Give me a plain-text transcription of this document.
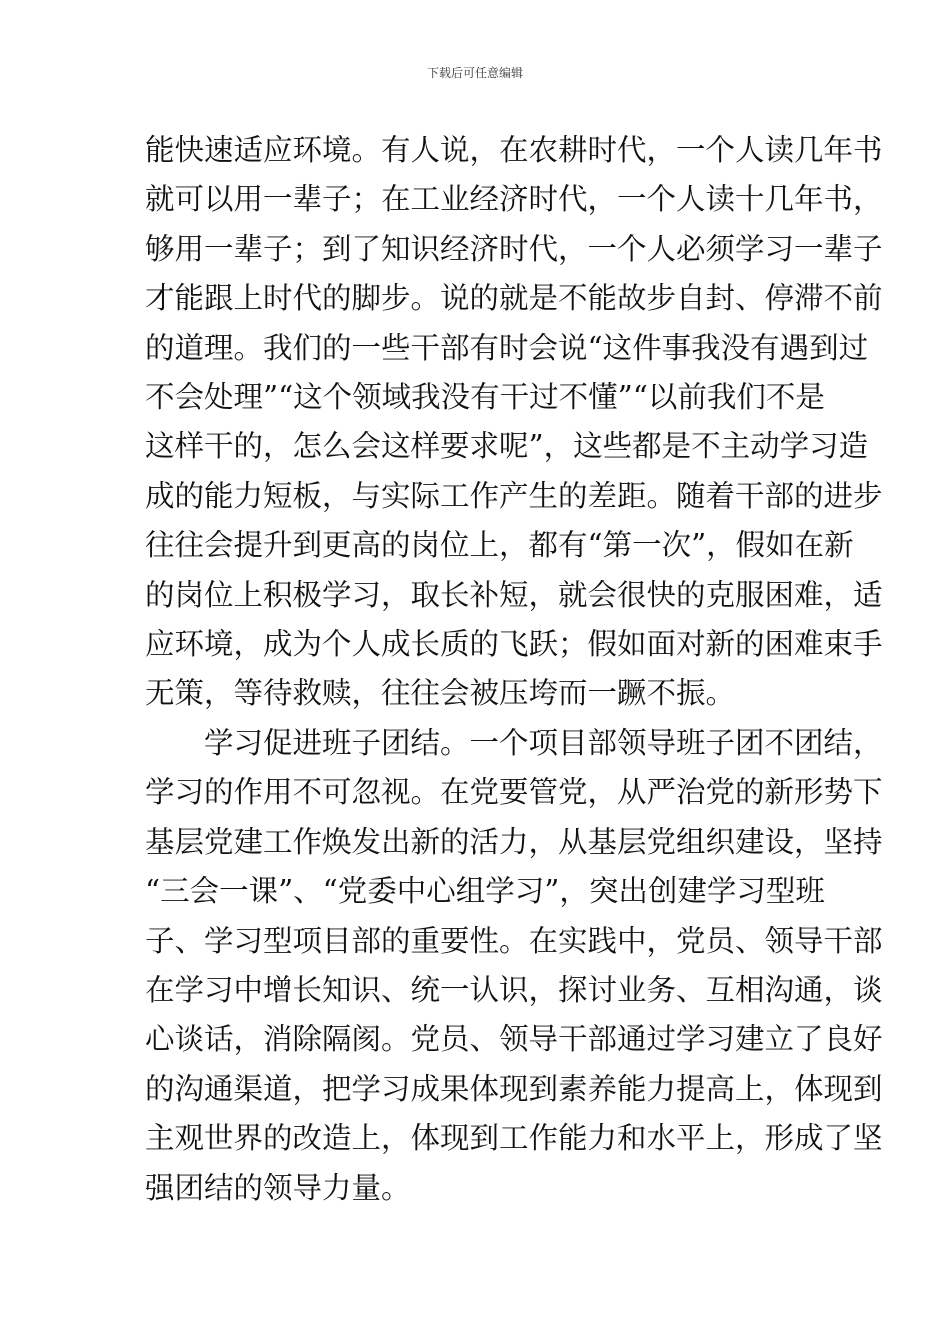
下载后可任意编辑

能快速适应环境。有人说，在农耕时代，一个人读几年书
就可以用一辈子；在工业经济时代，一个人读十几年书，
够用一辈子；到了知识经济时代，一个人必须学习一辈子
才能跟上时代的脚步。说的就是不能故步自封、停滞不前
的道理。我们的一些干部有时会说“这件事我没有遇到过
不会处理”“这个领域我没有干过不懂”“以前我们不是
这样干的，怎么会这样要求呢”，这些都是不主动学习造
成的能力短板，与实际工作产生的差距。随着干部的进步
往往会提升到更高的岗位上，都有“第一次”，假如在新
的岗位上积极学习，取长补短，就会很快的克服困难，适
应环境，成为个人成长质的飞跃；假如面对新的困难束手
无策，等待救赎，往往会被压垮而一蹶不振。

学习促进班子团结。一个项目部领导班子团不团结，
学习的作用不可忽视。在党要管党，从严治党的新形势下
基层党建工作焕发出新的活力，从基层党组织建设，坚持
“三会一课”、“党委中心组学习”，突出创建学习型班
子、学习型项目部的重要性。在实践中，党员、领导干部
在学习中增长知识、统一认识，探讨业务、互相沟通，谈
心谈话，消除隔阂。党员、领导干部通过学习建立了良好
的沟通渠道，把学习成果体现到素养能力提高上，体现到
主观世界的改造上，体现到工作能力和水平上，形成了坚
强团结的领导力量。
